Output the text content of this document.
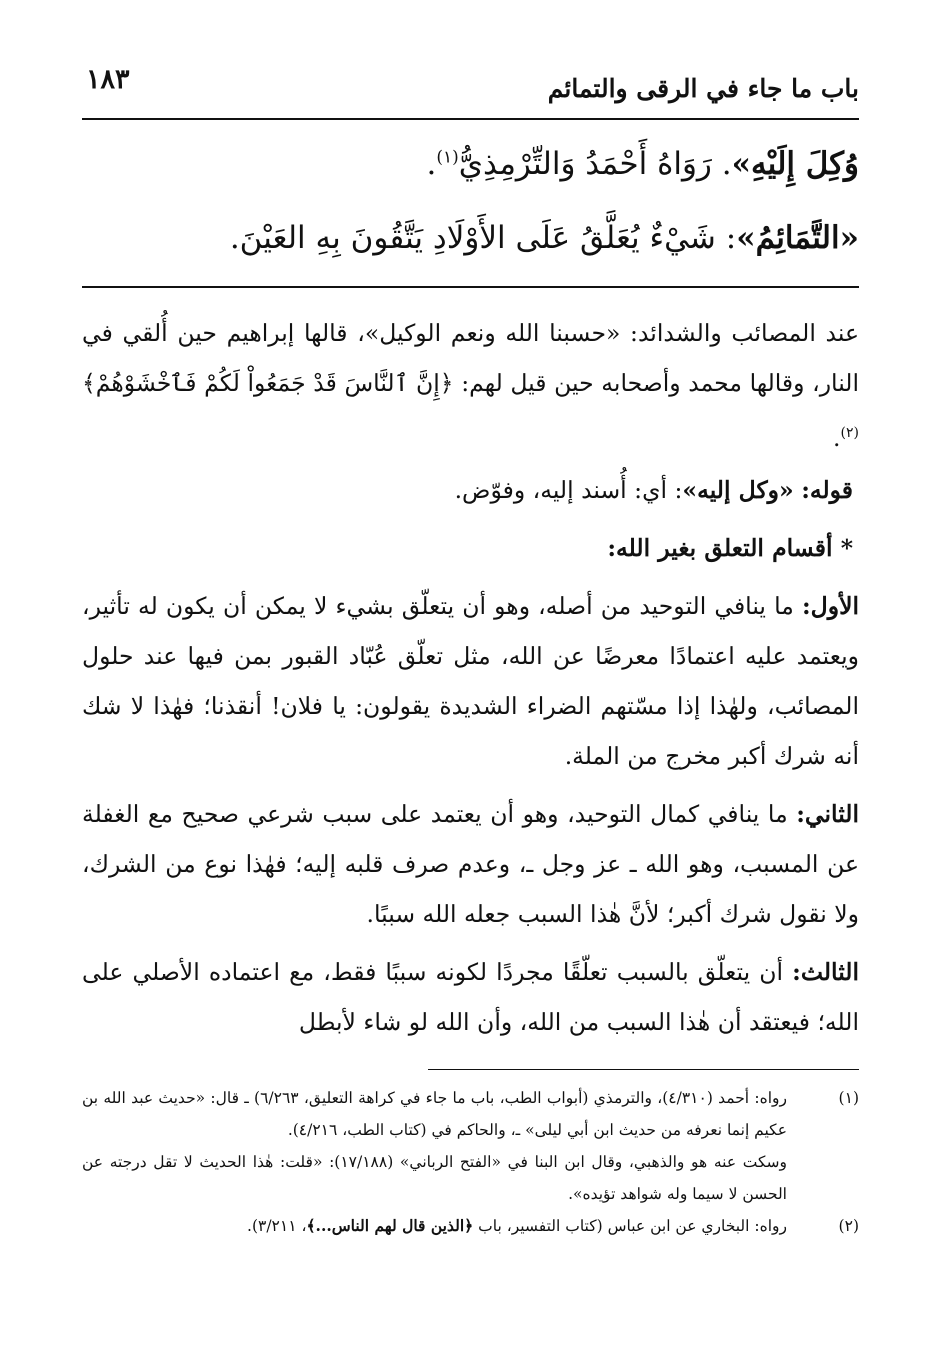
باب ما جاء في الرقى والتمائم
١٨٣
وُكِلَ إِلَيْهِ». رَوَاهُ أَحْمَدُ وَالتِّرْمِذِيُّ$^{(١)}$.
«التَّمَائِمُ»: شَيْءٌ يُعَلَّقُ عَلَى الأَوْلَادِ يَتَّقُونَ بِهِ العَيْنَ.

عند المصائب والشدائد: «حسبنا الله ونعم الوكيل»، قالها إبراهيم حين أُلقي في النار، وقالها محمد وأصحابه حين قيل لهم: ﴿إِنَّ ٱلنَّاسَ قَدْ جَمَعُواْ لَكُمْ فَٱخْشَوْهُمْ﴾$^{(٢)}$.

قوله: «وكل إليه»: أي: أُسند إليه، وفوّض.

* أقسام التعلق بغير الله:

الأول: ما ينافي التوحيد من أصله، وهو أن يتعلّق بشيء لا يمكن أن يكون له تأثير، ويعتمد عليه اعتمادًا معرضًا عن الله، مثل تعلّق عُبّاد القبور بمن فيها عند حلول المصائب، ولهٰذا إذا مسّتهم الضراء الشديدة يقولون: يا فلان! أنقذنا؛ فهٰذا لا شك أنه شرك أكبر مخرج من الملة.

الثاني: ما ينافي كمال التوحيد، وهو أن يعتمد على سبب شرعي صحيح مع الغفلة عن المسبب، وهو الله ـ عز وجل ـ، وعدم صرف قلبه إليه؛ فهٰذا نوع من الشرك، ولا نقول شرك أكبر؛ لأنَّ هٰذا السبب جعله الله سببًا.

الثالث: أن يتعلّق بالسبب تعلّقًا مجردًا لكونه سببًا فقط، مع اعتماده الأصلي على الله؛ فيعتقد أن هٰذا السبب من الله، وأن الله لو شاء لأبطل

(١)
رواه: أحمد (٤/٣١٠)، والترمذي (أبواب الطب، باب ما جاء في كراهة التعليق، ٦/٢٦٣) ـ قال: «حديث عبد الله بن عكيم إنما نعرفه من حديث ابن أبي ليلى» ـ، والحاكم في (كتاب الطب، ٤/٢١٦).
وسكت عنه هو والذهبي، وقال ابن البنا في «الفتح الرباني» (١٧/١٨٨): «قلت: هٰذا الحديث لا تقل درجته عن الحسن لا سيما وله شواهد تؤيده».
(٢)
رواه: البخاري عن ابن عباس (كتاب التفسير، باب ﴿الذين قال لهم الناس...﴾، ٣/٢١١).
